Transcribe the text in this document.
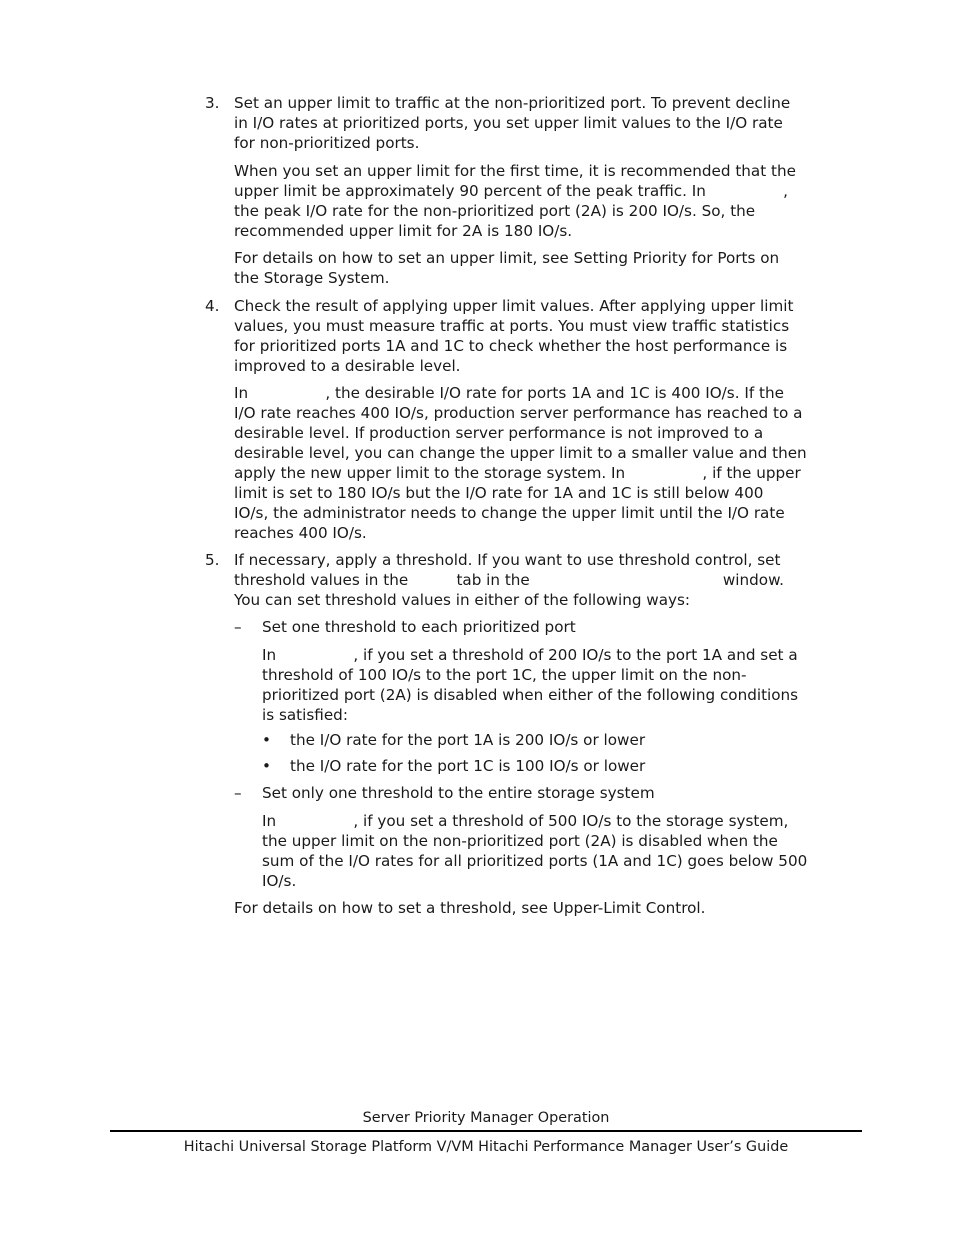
3. Set an upper limit to traffic at the non-prioritized port. To prevent decline
in I/O rates at prioritized ports, you set upper limit values to the I/O rate
for non-prioritized ports.

When you set an upper limit for the first time, it is recommended that the
upper limit be approximately 90 percent of the peak traffic. In                ,
the peak I/O rate for the non-prioritized port (2A) is 200 IO/s. So, the
recommended upper limit for 2A is 180 IO/s.

For details on how to set an upper limit, see Setting Priority for Ports on
the Storage System.

4. Check the result of applying upper limit values. After applying upper limit
values, you must measure traffic at ports. You must view traffic statistics
for prioritized ports 1A and 1C to check whether the host performance is
improved to a desirable level.

In                , the desirable I/O rate for ports 1A and 1C is 400 IO/s. If the
I/O rate reaches 400 IO/s, production server performance has reached to a
desirable level. If production server performance is not improved to a
desirable level, you can change the upper limit to a smaller value and then
apply the new upper limit to the storage system. In                , if the upper
limit is set to 180 IO/s but the I/O rate for 1A and 1C is still below 400
IO/s, the administrator needs to change the upper limit until the I/O rate
reaches 400 IO/s.

5. If necessary, apply a threshold. If you want to use threshold control, set
threshold values in the          tab in the                                        window.
You can set threshold values in either of the following ways:

– Set one threshold to each prioritized port

In                , if you set a threshold of 200 IO/s to the port 1A and set a
threshold of 100 IO/s to the port 1C, the upper limit on the non-
prioritized port (2A) is disabled when either of the following conditions
is satisfied:

• the I/O rate for the port 1A is 200 IO/s or lower

• the I/O rate for the port 1C is 100 IO/s or lower

– Set only one threshold to the entire storage system

In                , if you set a threshold of 500 IO/s to the storage system,
the upper limit on the non-prioritized port (2A) is disabled when the
sum of the I/O rates for all prioritized ports (1A and 1C) goes below 500
IO/s.

For details on how to set a threshold, see Upper-Limit Control.

Server Priority Manager Operation
Hitachi Universal Storage Platform V/VM Hitachi Performance Manager User’s Guide
